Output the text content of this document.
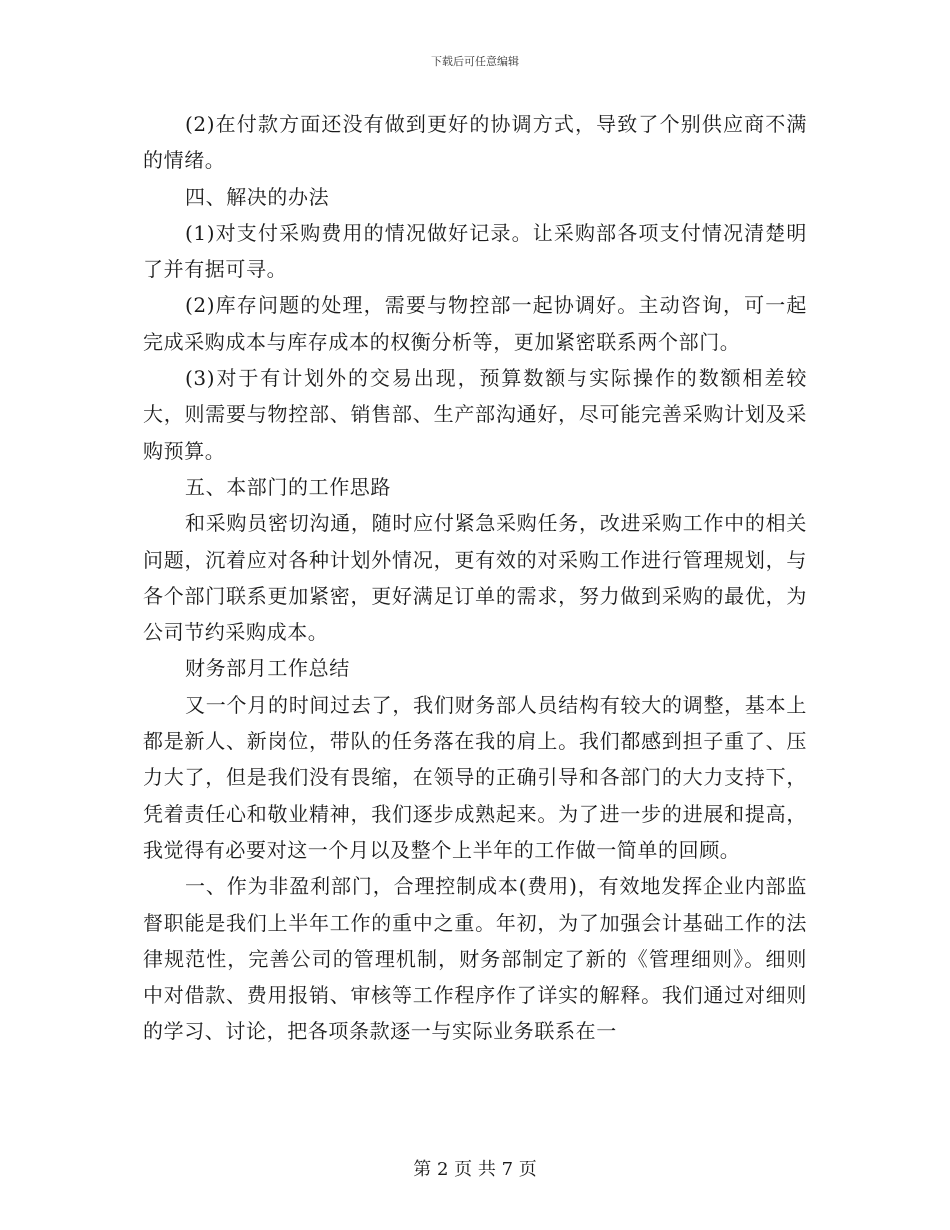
下载后可任意编辑

(2)在付款方面还没有做到更好的协调方式，导致了个别供应商不满的情绪。

四、解决的办法

(1)对支付采购费用的情况做好记录。让采购部各项支付情况清楚明了并有据可寻。

(2)库存问题的处理，需要与物控部一起协调好。主动咨询，可一起完成采购成本与库存成本的权衡分析等，更加紧密联系两个部门。

(3)对于有计划外的交易出现，预算数额与实际操作的数额相差较大，则需要与物控部、销售部、生产部沟通好，尽可能完善采购计划及采购预算。

五、本部门的工作思路

和采购员密切沟通，随时应付紧急采购任务，改进采购工作中的相关问题，沉着应对各种计划外情况，更有效的对采购工作进行管理规划，与各个部门联系更加紧密，更好满足订单的需求，努力做到采购的最优，为公司节约采购成本。

财务部月工作总结

又一个月的时间过去了，我们财务部人员结构有较大的调整，基本上都是新人、新岗位，带队的任务落在我的肩上。我们都感到担子重了、压力大了，但是我们没有畏缩，在领导的正确引导和各部门的大力支持下，凭着责任心和敬业精神，我们逐步成熟起来。为了进一步的进展和提高，我觉得有必要对这一个月以及整个上半年的工作做一简单的回顾。

一、作为非盈利部门，合理控制成本(费用)，有效地发挥企业内部监督职能是我们上半年工作的重中之重。年初，为了加强会计基础工作的法律规范性，完善公司的管理机制，财务部制定了新的《管理细则》。细则中对借款、费用报销、审核等工作程序作了详实的解释。我们通过对细则的学习、讨论，把各项条款逐一与实际业务联系在一

第 2 页 共 7 页
